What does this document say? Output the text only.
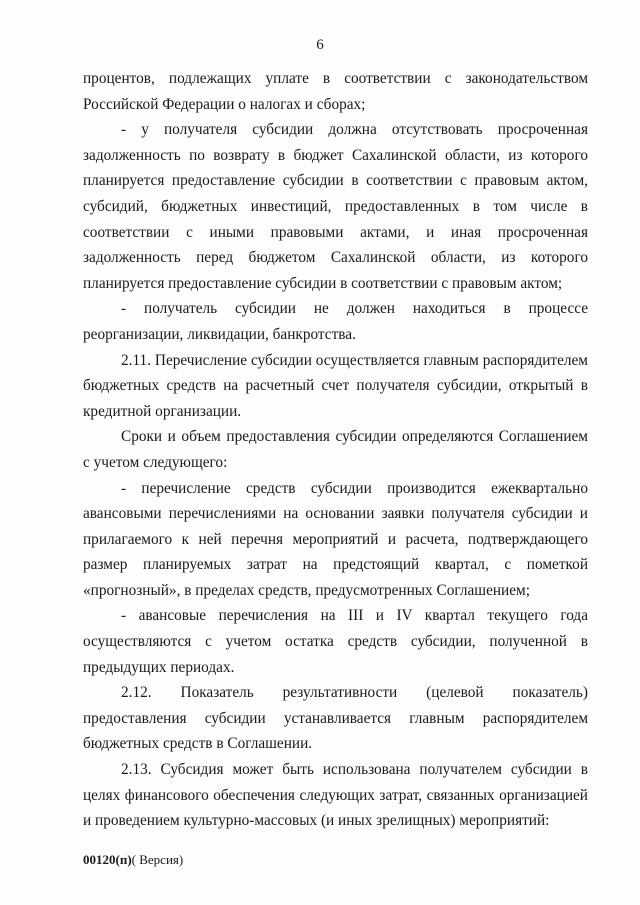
6

процентов, подлежащих уплате в соответствии с законодательством Российской Федерации о налогах и сборах;

- у получателя субсидии должна отсутствовать просроченная задолженность по возврату в бюджет Сахалинской области, из которого планируется предоставление субсидии в соответствии с правовым актом, субсидий, бюджетных инвестиций, предоставленных в том числе в соответствии с иными правовыми актами, и иная просроченная задолженность перед бюджетом Сахалинской области, из которого планируется предоставление субсидии в соответствии с правовым актом;

- получатель субсидии не должен находиться в процессе реорганизации, ликвидации, банкротства.

2.11. Перечисление субсидии осуществляется главным распорядителем бюджетных средств на расчетный счет получателя субсидии, открытый в кредитной организации.

Сроки и объем предоставления субсидии определяются Соглашением с учетом следующего:

- перечисление средств субсидии производится ежеквартально авансовыми перечислениями на основании заявки получателя субсидии и прилагаемого к ней перечня мероприятий и расчета, подтверждающего размер планируемых затрат на предстоящий квартал, с пометкой «прогнозный», в пределах средств, предусмотренных Соглашением;

- авансовые перечисления на III и IV квартал текущего года осуществляются с учетом остатка средств субсидии, полученной в предыдущих периодах.

2.12. Показатель результативности (целевой показатель) предоставления субсидии устанавливается главным распорядителем бюджетных средств в Соглашении.

2.13. Субсидия может быть использована получателем субсидии в целях финансового обеспечения следующих затрат, связанных организацией и проведением культурно-массовых (и иных зрелищных) мероприятий:

00120(п)( Версия)
